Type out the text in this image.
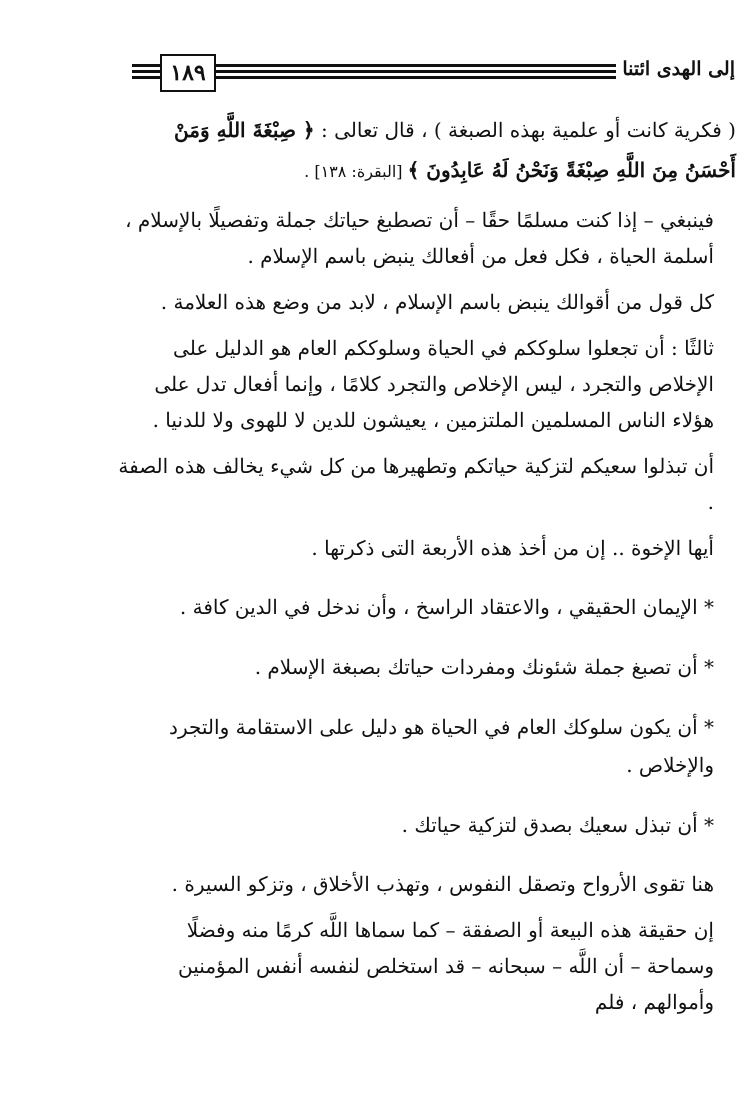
١٨٩	إلى الهدى ائتنا

( فكرية كانت أو علمية بهذه الصبغة ) ، قال تعالى : ﴿ صِبْغَةَ اللَّهِ وَمَنْ أَحْسَنُ مِنَ اللَّهِ صِبْغَةً وَنَحْنُ لَهُ عَابِدُونَ ﴾ [البقرة: ١٣٨] .

فينبغي – إذا كنت مسلمًا حقًا – أن تصطبغ حياتك جملة وتفصيلًا بالإسلام ، أسلمة الحياة ، فكل فعل من أفعالك ينبض باسم الإسلام .

كل قول من أقوالك ينبض باسم الإسلام ، لابد من وضع هذه العلامة .

ثالثًا : أن تجعلوا سلوككم في الحياة وسلوككم العام هو الدليل على الإخلاص والتجرد ، ليس الإخلاص والتجرد كلامًا ، وإنما أفعال تدل على هؤلاء الناس المسلمين الملتزمين ، يعيشون للدين لا للهوى ولا للدنيا .

أن تبذلوا سعيكم لتزكية حياتكم وتطهيرها من كل شيء يخالف هذه الصفة .

أيها الإخوة .. إن من أخذ هذه الأربعة التى ذكرتها .

* الإيمان الحقيقي ، والاعتقاد الراسخ ، وأن ندخل في الدين كافة .

* أن تصبغ جملة شئونك ومفردات حياتك بصبغة الإسلام .

* أن يكون سلوكك العام في الحياة هو دليل على الاستقامة والتجرد والإخلاص .

* أن تبذل سعيك بصدق لتزكية حياتك .

هنا تقوى الأرواح وتصقل النفوس ، وتهذب الأخلاق ، وتزكو السيرة .

إن حقيقة هذه البيعة أو الصفقة – كما سماها اللَّه كرمًا منه وفضلًا وسماحة – أن اللَّه – سبحانه – قد استخلص لنفسه أنفس المؤمنين وأموالهم ، فلم
